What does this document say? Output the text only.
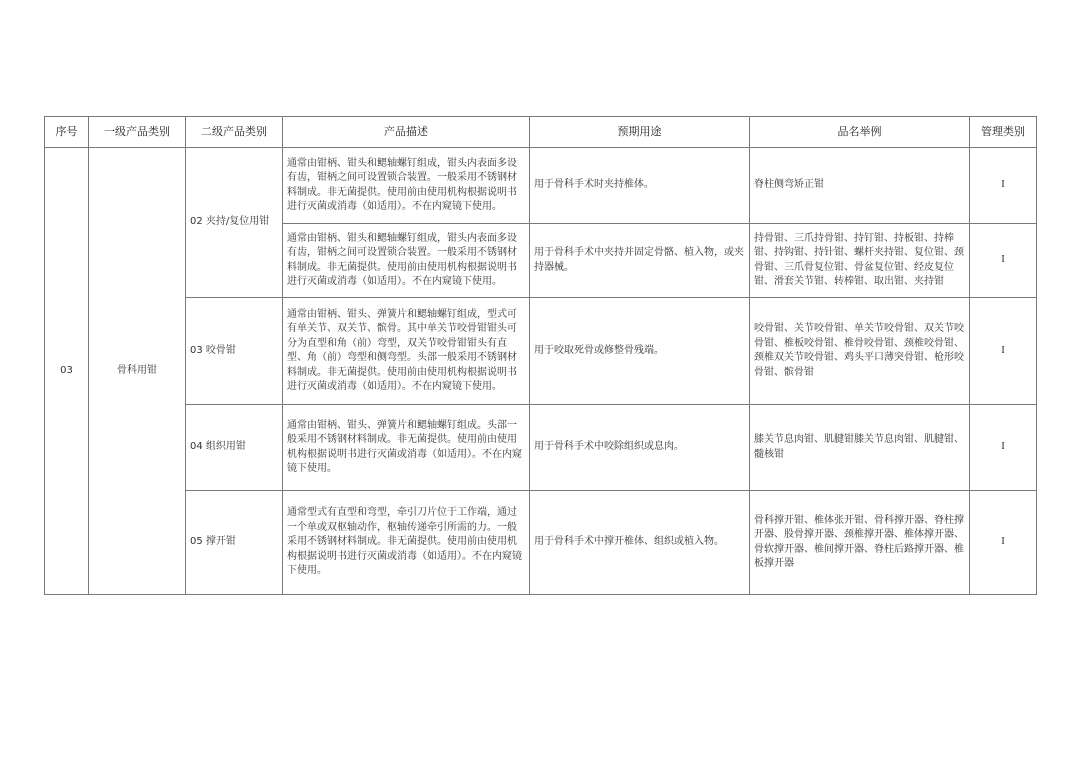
序号	一级产品类别	二级产品类别	产品描述	预期用途	品名举例	管理类别
03	骨科用钳	02 夹持/复位用钳	通常由钳柄、钳头和鳃轴螺钉组成，钳头内表面多设有齿，钳柄之间可设置锁合装置。一般采用不锈钢材料制成。非无菌提供。使用前由使用机构根据说明书进行灭菌或消毒（如适用）。不在内窥镜下使用。	用于骨科手术时夹持椎体。	脊柱侧弯矫正钳	I
			通常由钳柄、钳头和鳃轴螺钉组成，钳头内表面多设有齿，钳柄之间可设置锁合装置。一般采用不锈钢材料制成。非无菌提供。使用前由使用机构根据说明书进行灭菌或消毒（如适用）。不在内窥镜下使用。	用于骨科手术中夹持并固定骨骼、植入物，或夹持器械。	持骨钳、三爪持骨钳、持钉钳、持板钳、持棒钳、持钩钳、持针钳、螺杆夹持钳、复位钳、颈骨钳、三爪骨复位钳、骨盆复位钳、经皮复位钳、滑套关节钳、转棒钳、取出钳、夹持钳	I
		03 咬骨钳	通常由钳柄、钳头、弹簧片和鳃轴螺钉组成，型式可有单关节、双关节、髌骨。其中单关节咬骨钳钳头可分为直型和角（前）弯型，双关节咬骨钳钳头有直型、角（前）弯型和侧弯型。头部一般采用不锈钢材料制成。非无菌提供。使用前由使用机构根据说明书进行灭菌或消毒（如适用）。不在内窥镜下使用。	用于咬取死骨或修整骨残端。	咬骨钳、关节咬骨钳、单关节咬骨钳、双关节咬骨钳、椎板咬骨钳、椎骨咬骨钳、颈椎咬骨钳、颈椎双关节咬骨钳、鸡头平口薄突骨钳、枪形咬骨钳、髌骨钳	I
		04 组织用钳	通常由钳柄、钳头、弹簧片和鳃轴螺钉组成。头部一般采用不锈钢材料制成。非无菌提供。使用前由使用机构根据说明书进行灭菌或消毒（如适用）。不在内窥镜下使用。	用于骨科手术中咬除组织或息肉。	膝关节息肉钳、肌腱钳膝关节息肉钳、肌腱钳、髓核钳	I
		05 撑开钳	通常型式有直型和弯型，牵引刀片位于工作端，通过一个单或双枢轴动作，枢轴传递牵引所需的力。一般采用不锈钢材料制成。非无菌提供。使用前由使用机构根据说明书进行灭菌或消毒（如适用）。不在内窥镜下使用。	用于骨科手术中撑开椎体、组织或植入物。	骨科撑开钳、椎体张开钳、骨科撑开器、脊柱撑开器、股骨撑开器、颈椎撑开器、椎体撑开器、骨软撑开器、椎间撑开器、脊柱后路撑开器、椎板撑开器	I
